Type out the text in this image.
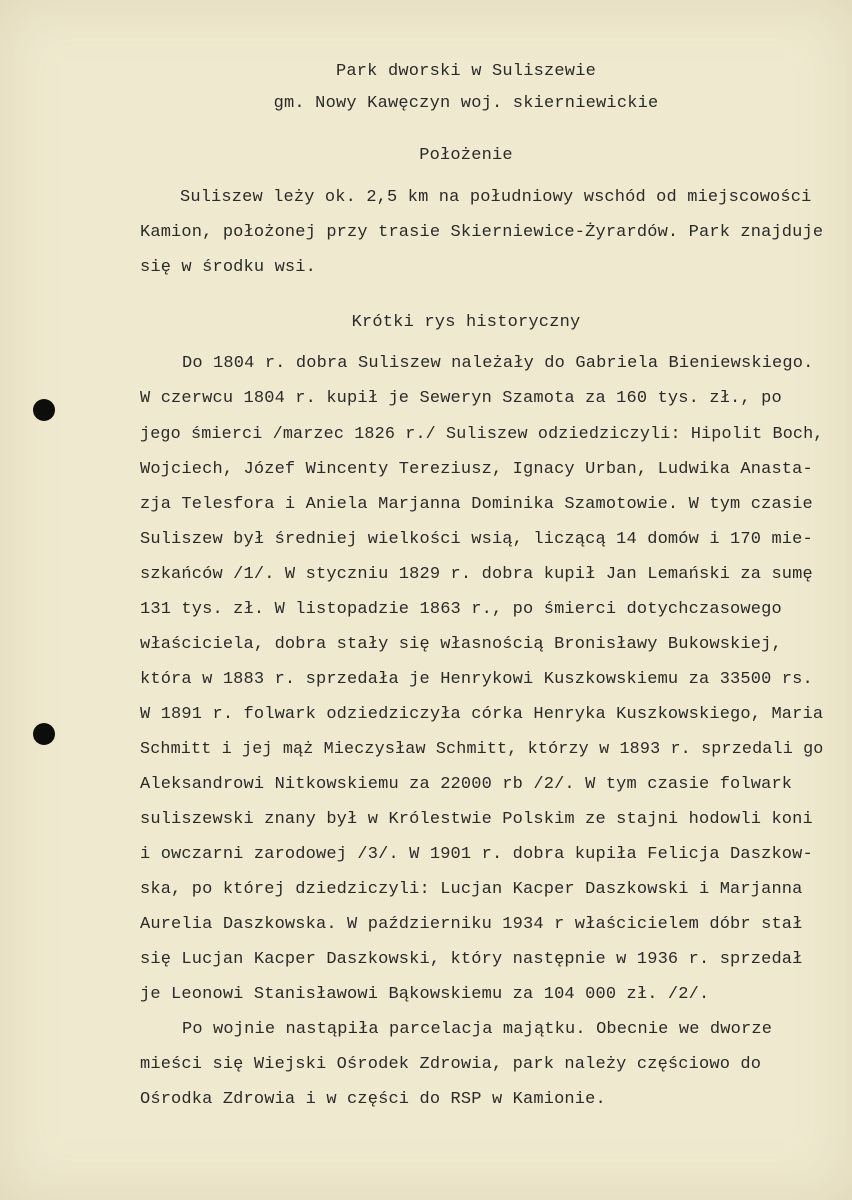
Park dworski w Suliszewie
gm. Nowy Kawęczyn woj. skierniewickie
Położenie
Suliszew leży ok. 2,5 km na południowy wschód od miejscowości
Kamion, położonej przy trasie Skierniewice-Żyrardów. Park znajduje
się w środku wsi.
Krótki rys historyczny
Do 1804 r. dobra Suliszew należały do Gabriela Bieniewskiego.
W czerwcu 1804 r. kupił je Seweryn Szamota za 160 tys. zł., po
jego śmierci /marzec 1826 r./ Suliszew odziedziczyli: Hipolit Boch,
Wojciech, Józef Wincenty Tereziusz, Ignacy Urban, Ludwika Anasta-
zja Telesfora i Aniela Marjanna Dominika Szamotowie. W tym czasie
Suliszew był średniej wielkości wsią, liczącą 14 domów i 170 mie-
szkańców /1/. W styczniu 1829 r. dobra kupił Jan Lemański za sumę
131 tys. zł. W listopadzie 1863 r., po śmierci dotychczasowego
właściciela, dobra stały się własnością Bronisławy Bukowskiej,
która w 1883 r. sprzedała je Henrykowi Kuszkowskiemu za 33500 rs.
W 1891 r. folwark odziedziczyła córka Henryka Kuszkowskiego, Maria
Schmitt i jej mąż Mieczysław Schmitt, którzy w 1893 r. sprzedali go
Aleksandrowi Nitkowskiemu za 22000 rb /2/. W tym czasie folwark
suliszewski znany był w Królestwie Polskim ze stajni hodowli koni
i owczarni zarodowej /3/. W 1901 r. dobra kupiła Felicja Daszkow-
ska, po której dziedziczyli: Lucjan Kacper Daszkowski i Marjanna
Aurelia Daszkowska. W październiku 1934 r właścicielem dóbr stał
się Lucjan Kacper Daszkowski, który następnie w 1936 r. sprzedał
je Leonowi Stanisławowi Bąkowskiemu za 104 000 zł. /2/.
Po wojnie nastąpiła parcelacja majątku. Obecnie we dworze
mieści się Wiejski Ośrodek Zdrowia, park należy częściowo do
Ośrodka Zdrowia i w części do RSP w Kamionie.
